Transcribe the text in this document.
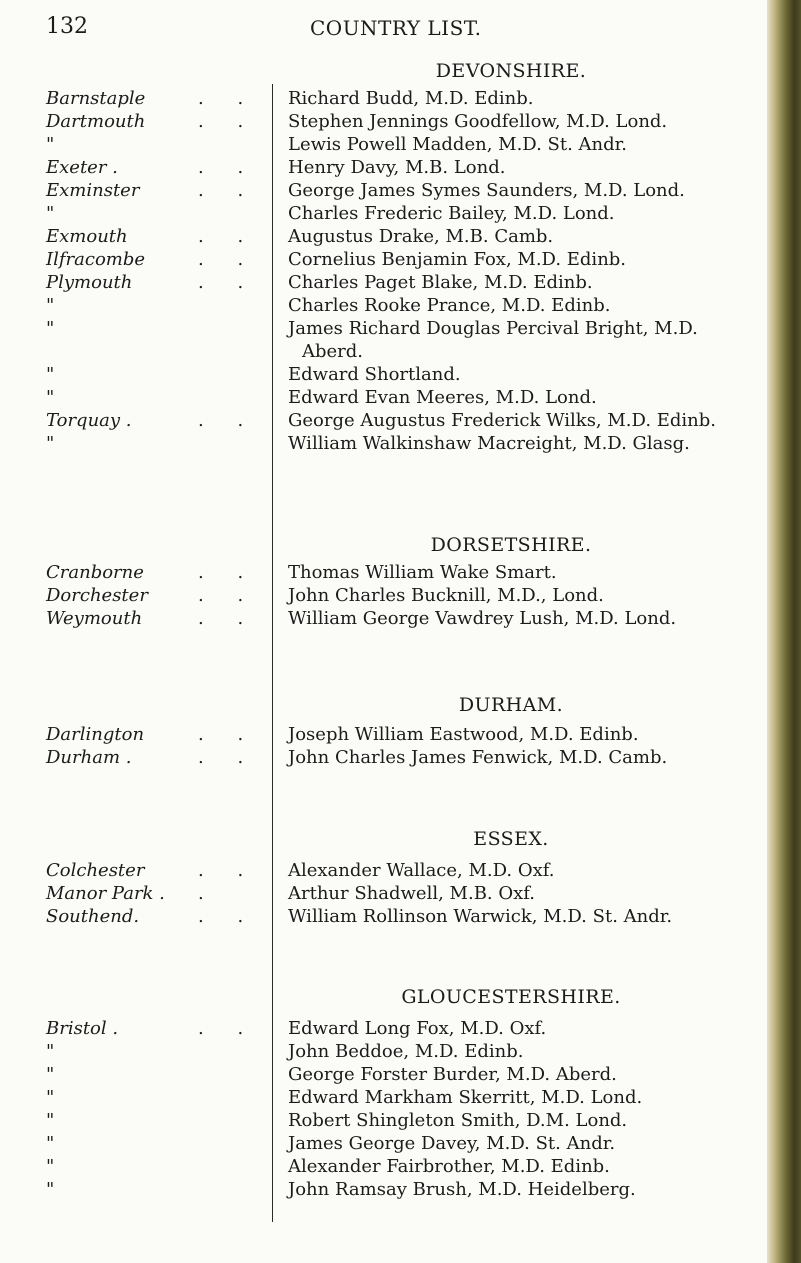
132	COUNTRY LIST.
DEVONSHIRE.
Barnstaple	. .	Richard Budd, M.D. Edinb.
Dartmouth	. .	Stephen Jennings Goodfellow, M.D. Lond.
"	Lewis Powell Madden, M.D. St. Andr.
Exeter .	. .	Henry Davy, M.B. Lond.
Exminster	. .	George James Symes Saunders, M.D. Lond.
"	Charles Frederic Bailey, M.D. Lond.
Exmouth	. .	Augustus Drake, M.B. Camb.
Ilfracombe	. .	Cornelius Benjamin Fox, M.D. Edinb.
Plymouth	. .	Charles Paget Blake, M.D. Edinb.
"	Charles Rooke Prance, M.D. Edinb.
"	James Richard Douglas Percival Bright, M.D.
Aberd.
"	Edward Shortland.
"	Edward Evan Meeres, M.D. Lond.
Torquay .	. .	George Augustus Frederick Wilks, M.D. Edinb.
"	William Walkinshaw Macreight, M.D. Glasg.
DORSETSHIRE.
Cranborne	. .	Thomas William Wake Smart.
Dorchester	. .	John Charles Bucknill, M.D., Lond.
Weymouth	. .	William George Vawdrey Lush, M.D. Lond.
DURHAM.
Darlington	. .	Joseph William Eastwood, M.D. Edinb.
Durham .	. .	John Charles James Fenwick, M.D. Camb.
ESSEX.
Colchester	. .	Alexander Wallace, M.D. Oxf.
Manor Park .	.	Arthur Shadwell, M.B. Oxf.
Southend.	. .	William Rollinson Warwick, M.D. St. Andr.
GLOUCESTERSHIRE.
Bristol .	. .	Edward Long Fox, M.D. Oxf.
"	John Beddoe, M.D. Edinb.
"	George Forster Burder, M.D. Aberd.
"	Edward Markham Skerritt, M.D. Lond.
"	Robert Shingleton Smith, D.M. Lond.
"	James George Davey, M.D. St. Andr.
"	Alexander Fairbrother, M.D. Edinb.
"	John Ramsay Brush, M.D. Heidelberg.
